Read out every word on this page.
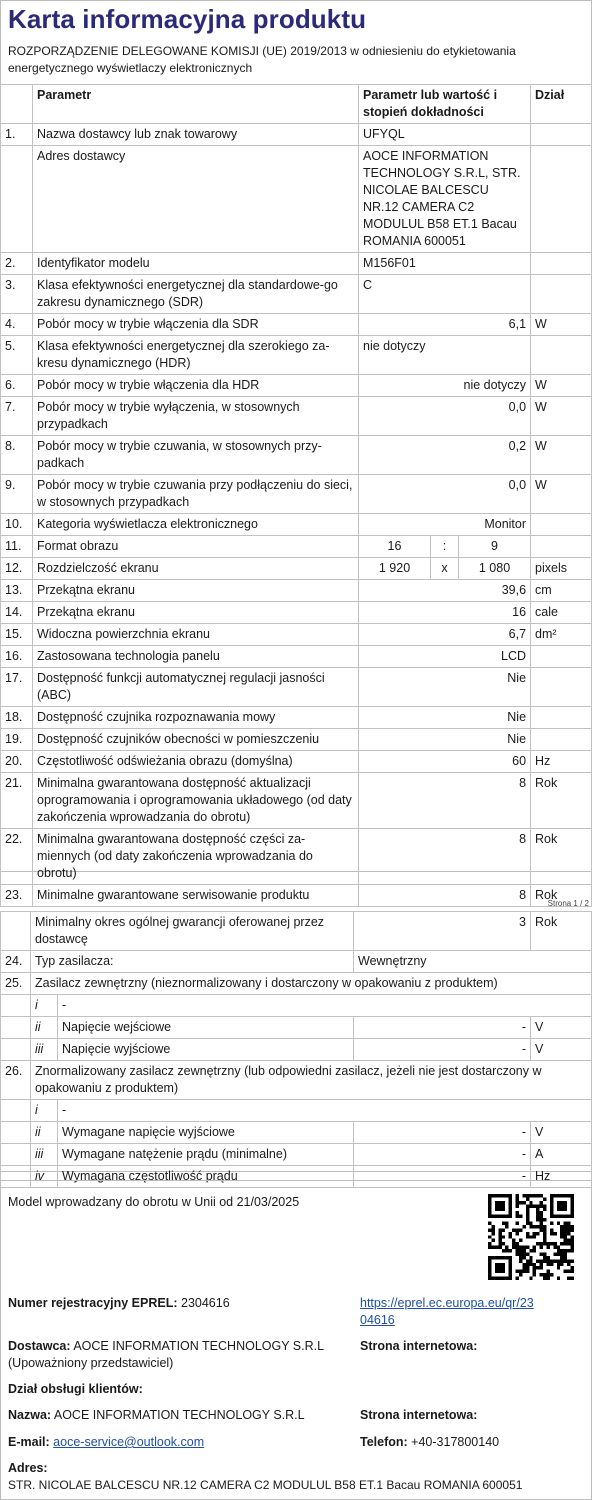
Karta informacyjna produktu
ROZPORZĄDZENIE DELEGOWANE KOMISJI (UE) 2019/2013 w odniesieniu do etykietowania energetycznego wyświetlaczy elektronicznych
	Parametr	Parametr lub wartość i stopień dokładności			Dział
1.	Nazwa dostawcy lub znak towarowy	UFYQL			
	Adres dostawcy	AOCE INFORMATION TECHNOLOGY S.R.L, STR. NICOLAE BALCESCU NR.12 CAMERA C2 MODULUL B58 ET.1 Bacau ROMANIA 600051			
2.	Identyfikator modelu	M156F01			
3.	Klasa efektywności energetycznej dla standardowe-go zakresu dynamicznego (SDR)	C			
4.	Pobór mocy w trybie włączenia dla SDR	6,1			W
5.	Klasa efektywności energetycznej dla szerokiego za-kresu dynamicznego (HDR)	nie dotyczy			
6.	Pobór mocy w trybie włączenia dla HDR	nie dotyczy			W
7.	Pobór mocy w trybie wyłączenia, w stosownych przypadkach	0,0			W
8.	Pobór mocy w trybie czuwania, w stosownych przy-padkach	0,2			W
9.	Pobór mocy w trybie czuwania przy podłączeniu do sieci, w stosownych przypadkach	0,0			W
10.	Kategoria wyświetlacza elektronicznego	Monitor			
11.	Format obrazu	16	:	9	
12.	Rozdzielczość ekranu	1 920	x	1 080	pixels
13.	Przekątna ekranu	39,6			cm
14.	Przekątna ekranu	16			cale
15.	Widoczna powierzchnia ekranu	6,7			dm²
16.	Zastosowana technologia panelu	LCD			
17.	Dostępność funkcji automatycznej regulacji jasności (ABC)	Nie			
18.	Dostępność czujnika rozpoznawania mowy	Nie			
19.	Dostępność czujników obecności w pomieszczeniu	Nie			
20.	Częstotliwość odświeżania obrazu (domyślna)	60			Hz
21.	Minimalna gwarantowana dostępność aktualizacji oprogramowania i oprogramowania układowego (od daty zakończenia wprowadzania do obrotu)	8			Rok
22.	Minimalna gwarantowana dostępność części za-miennych (od daty zakończenia wprowadzania do obrotu)	8			Rok
23.	Minimalne gwarantowane serwisowanie produktu	8			Rok
Strona 1 / 2
	Minimalny okres ogólnej gwarancji oferowanej przez dostawcę		3	Rok
24.	Typ zasilacza:		Wewnętrzny	
25.	Zasilacz zewnętrzny (nieznormalizowany i dostarczony w opakowaniu z produktem)			
	i	-		
	ii	Napięcie wejściowe	-	V
	iii	Napięcie wyjściowe	-	V
26.	Znormalizowany zasilacz zewnętrzny (lub odpowiedni zasilacz, jeżeli nie jest dostarczony w opakowaniu z produktem)			
	i	-		
	ii	Wymagane napięcie wyjściowe	-	V
	iii	Wymagane natężenie prądu (minimalne)	-	A
	iv	Wymagana częstotliwość prądu	-	Hz
Model wprowadzany do obrotu w Unii od 21/03/2025
Numer rejestracyjny EPREL: 2304616	https://eprel.ec.europa.eu/qr/2304616
Dostawca: AOCE INFORMATION TECHNOLOGY S.R.L (Upoważniony przedstawiciel)
Strona internetowa:
Dział obsługi klientów:
Nazwa: AOCE INFORMATION TECHNOLOGY S.R.L	Strona internetowa:
E-mail: aoce-service@outlook.com	Telefon: +40-317800140
Adres:
STR. NICOLAE BALCESCU NR.12 CAMERA C2 MODULUL B58 ET.1 Bacau ROMANIA 600051
